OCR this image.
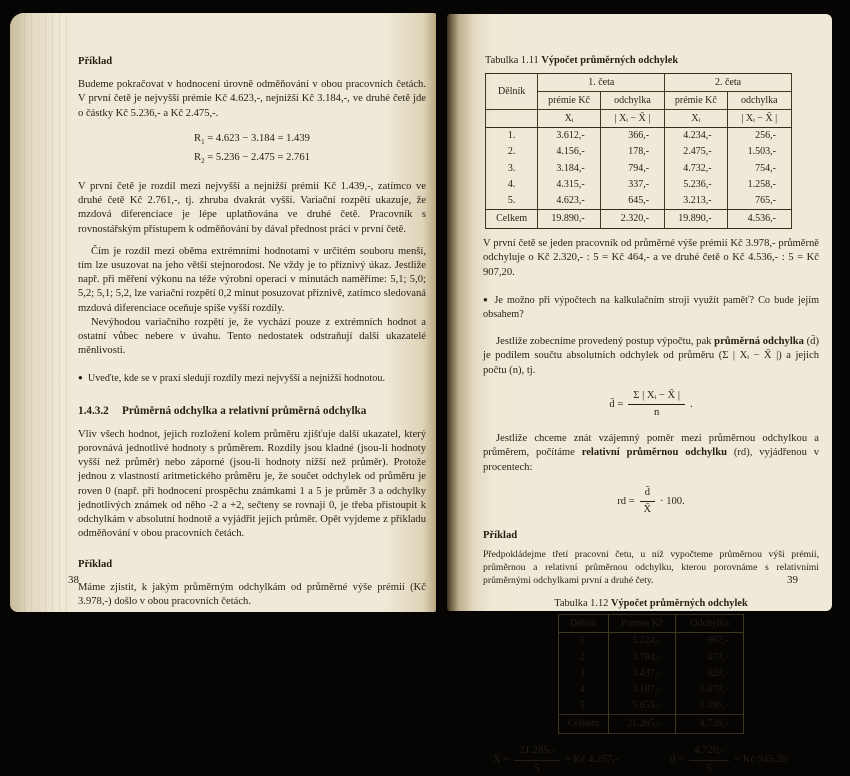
Příklad

Budeme pokračovat v hodnocení úrovně odměňování v obou pracovních četách. V první četě je nejvyšší prémie Kč 4.623,-, nejnižší Kč 3.184,-, ve druhé četě jde o částky Kč 5.236,- a Kč 2.475,-.

$R_1 = 4.623 - 3.184 = 1.439$
$R_2 = 5.236 - 2.475 = 2.761$

V první četě je rozdíl mezi nejvyšší a nejnižší prémií Kč 1.439,-, zatímco ve druhé četě Kč 2.761,-, tj. zhruba dvakrát vyšší. Variační rozpětí ukazuje, že mzdová diferenciace je lépe uplatňována ve druhé četě. Pracovník s rovnostářským přístupem k odměňování by dával přednost práci v první četě.

Čím je rozdíl mezi oběma extrémními hodnotami v určitém souboru menší, tím lze usuzovat na jeho větší stejnorodost. Ne vždy je to příznivý úkaz. Jestliže např. při měření výkonu na téže výrobní operaci v minutách naměříme: 5,1; 5,0; 5,2; 5,1; 5,2, lze variační rozpětí 0,2 minut posuzovat příznivě, zatímco sledovaná mzdová diferenciace oceňuje spíše vyšší rozdíly.

Nevýhodou variačního rozpětí je, že vychází pouze z extrémních hodnot a ostatní vůbec nebere v úvahu. Tento nedostatek odstraňují další ukazatelé měnlivosti.

● Uveďte, kde se v praxi sledují rozdíly mezi nejvyšší a nejnižší hodnotou.

1.4.3.2 Průměrná odchylka a relativní průměrná odchylka

Vliv všech hodnot, jejich rozložení kolem průměru zjišťuje další ukazatel, který porovnává jednotlivé hodnoty s průměrem. Rozdíly jsou kladné (jsou-li hodnoty vyšší než průměr) nebo záporné (jsou-li hodnoty nižší než průměr). Protože jednou z vlastností aritmetického průměru je, že součet odchylek od průměru je roven 0 (např. při hodnocení prospěchu známkami 1 a 5 je průměr 3 a odchylky jednotlivých známek od něho -2 a +2, sečteny se rovnají 0, je třeba přistoupit k odchylkám v absolutní hodnotě a vyjádřit jejich průměr. Opět vyjdeme z příkladu odměňování v obou pracovních četách.

Příklad

Máme zjistit, k jakým průměrným odchylkám od průměrné výše prémií (Kč 3.978,-) došlo v obou pracovních četách.

38

Tabulka 1.11 Výpočet průměrných odchylek

Dělník	1. četa		2. četa	
	prémie Kč	odchylka	prémie Kč	odchylka
	Xᵢ	| Xᵢ − X̄ |	Xᵢ	| Xᵢ − X̄ |
1.	3.612,-	366,-	4.234,-	256,-
2.	4.156,-	178,-	2.475,-	1.503,-
3.	3.184,-	794,-	4.732,-	754,-
4.	4.315,-	337,-	5.236,-	1.258,-
5.	4.623,-	645,-	3.213,-	765,-
Celkem	19.890,-	2.320,-	19.890,-	4.536,-

V první četě se jeden pracovník od průměrné výše prémií Kč 3.978,- průměrně odchyluje o Kč 2.320,- : 5 = Kč 464,- a ve druhé četě o Kč 4.536,- : 5 = Kč 907,20.

● Je možno při výpočtech na kalkulačním stroji využít paměť? Co bude jejím obsahem?

Jestliže zobecníme provedený postup výpočtu, pak průměrná odchylka (d̄) je podílem součtu absolutních odchylek od průměru (Σ | Xᵢ − X̄ |) a jejich počtu (n), tj.

d̄ = $\frac{\text{Σ | Xᵢ − X̄ |}}{n}$ .

Jestliže chceme znát vzájemný poměr mezi průměrnou odchylkou a průměrem, počítáme relativní průměrnou odchylku (rd), vyjádřenou v procentech:

rd = $\frac{d̄}{X̄} \cdot 100$.

Příklad

Předpokládejme třetí pracovní četu, u níž vypočteme průměrnou výši prémií, průměrnou a relativní průměrnou odchylku, kterou porovnáme s relativními průměrnými odchylkami první a druhé čety.

Tabulka 1.12 Výpočet průměrných odchylek

Dělník	Prémie Kč	Odchylka
1.	5.224,-	967,-
2.	3.784,-	473,-
3.	3.437,-	820,-
4.	3.187,-	1.070,-
5.	5.653,-	1.396,-
Celkem	21.285,-	4.726,-
X̄ = $\frac{21.285,-}{5}$ = Kč 4.257,-	d̄ = $\frac{4.726,-}{5}$ = Kč 945,20
39
